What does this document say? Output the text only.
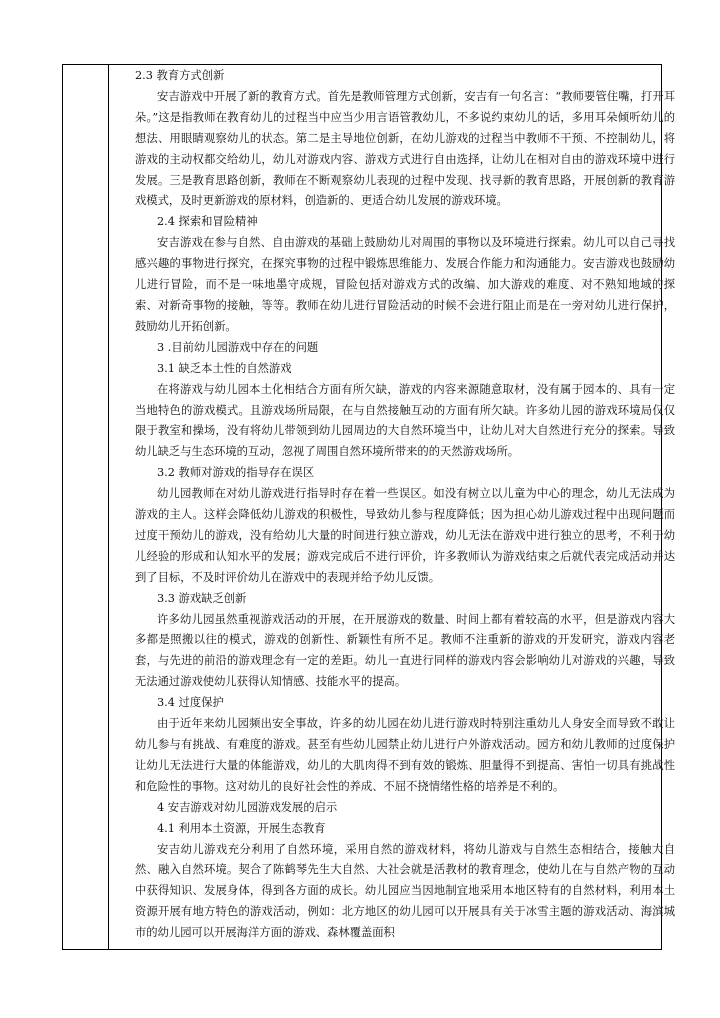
2.3 教育方式创新

安吉游戏中开展了新的教育方式。首先是教师管理方式创新，安吉有一句名言：“教师要管住嘴，打开耳朵。”这是指教师在教育幼儿的过程当中应当少用言语管教幼儿，不多说约束幼儿的话，多用耳朵倾听幼儿的想法、用眼睛观察幼儿的状态。第二是主导地位创新，在幼儿游戏的过程当中教师不干预、不控制幼儿，将游戏的主动权都交给幼儿，幼儿对游戏内容、游戏方式进行自由选择，让幼儿在相对自由的游戏环境中进行发展。三是教育思路创新，教师在不断观察幼儿表现的过程中发现、找寻新的教育思路，开展创新的教育游戏模式，及时更新游戏的原材料，创造新的、更适合幼儿发展的游戏环境。

2.4 探索和冒险精神

安吉游戏在参与自然、自由游戏的基础上鼓励幼儿对周围的事物以及环境进行探索。幼儿可以自己寻找感兴趣的事物进行探究，在探究事物的过程中锻炼思维能力、发展合作能力和沟通能力。安吉游戏也鼓励幼儿进行冒险，而不是一味地墨守成规，冒险包括对游戏方式的改编、加大游戏的难度、对不熟知地域的探索、对新奇事物的接触，等等。教师在幼儿进行冒险活动的时候不会进行阻止而是在一旁对幼儿进行保护，鼓励幼儿开拓创新。

3 .目前幼儿园游戏中存在的问题

3.1 缺乏本土性的自然游戏

在将游戏与幼儿园本土化相结合方面有所欠缺，游戏的内容来源随意取材，没有属于园本的、具有一定当地特色的游戏模式。且游戏场所局限，在与自然接触互动的方面有所欠缺。许多幼儿园的游戏环境局仅仅限于教室和操场，没有将幼儿带领到幼儿园周边的大自然环境当中，让幼儿对大自然进行充分的探索。导致幼儿缺乏与生态环境的互动，忽视了周围自然环境所带来的的天然游戏场所。

3.2 教师对游戏的指导存在误区

幼儿园教师在对幼儿游戏进行指导时存在着一些误区。如没有树立以儿童为中心的理念，幼儿无法成为游戏的主人。这样会降低幼儿游戏的积极性，导致幼儿参与程度降低；因为担心幼儿游戏过程中出现问题而过度干预幼儿的游戏，没有给幼儿大量的时间进行独立游戏，幼儿无法在游戏中进行独立的思考，不利于幼儿经验的形成和认知水平的发展；游戏完成后不进行评价，许多教师认为游戏结束之后就代表完成活动并达到了目标，不及时评价幼儿在游戏中的表现并给予幼儿反馈。

3.3 游戏缺乏创新

许多幼儿园虽然重视游戏活动的开展，在开展游戏的数量、时间上都有着较高的水平，但是游戏内容大多都是照搬以往的模式，游戏的创新性、新颖性有所不足。教师不注重新的游戏的开发研究，游戏内容老套，与先进的前沿的游戏理念有一定的差距。幼儿一直进行同样的游戏内容会影响幼儿对游戏的兴趣，导致无法通过游戏使幼儿获得认知情感、技能水平的提高。

3.4 过度保护

由于近年来幼儿园频出安全事故，许多的幼儿园在幼儿进行游戏时特别注重幼儿人身安全而导致不敢让幼儿参与有挑战、有难度的游戏。甚至有些幼儿园禁止幼儿进行户外游戏活动。园方和幼儿教师的过度保护让幼儿无法进行大量的体能游戏，幼儿的大肌肉得不到有效的锻炼、胆量得不到提高、害怕一切具有挑战性和危险性的事物。这对幼儿的良好社会性的养成、不屈不挠情绪性格的培养是不利的。

4 安吉游戏对幼儿园游戏发展的启示

4.1 利用本土资源，开展生态教育

安吉幼儿游戏充分利用了自然环境，采用自然的游戏材料，将幼儿游戏与自然生态相结合，接触大自然、融入自然环境。契合了陈鹤琴先生大自然、大社会就是活教材的教育理念，使幼儿在与自然产物的互动中获得知识、发展身体，得到各方面的成长。幼儿园应当因地制宜地采用本地区特有的自然材料，利用本土资源开展有地方特色的游戏活动，例如：北方地区的幼儿园可以开展具有关于冰雪主题的游戏活动、海滨城市的幼儿园可以开展海洋方面的游戏、森林覆盖面积
